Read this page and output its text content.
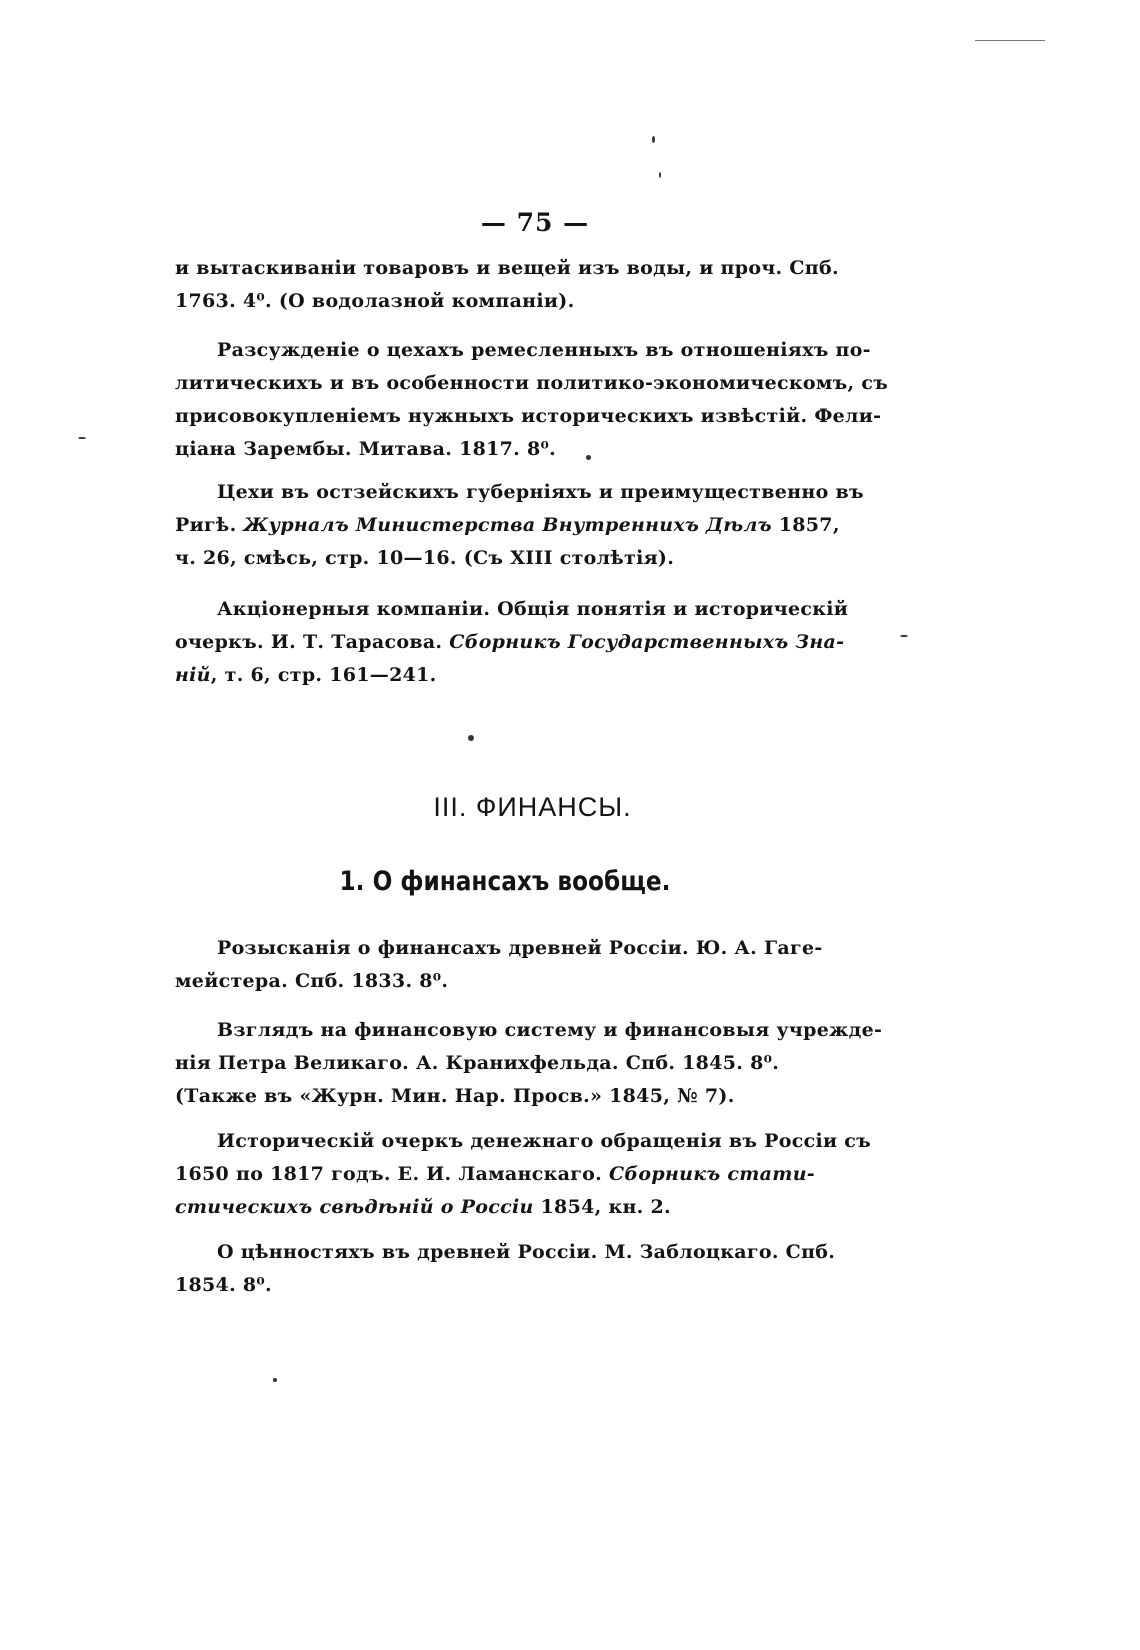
— 75 —
и вытаскиванiи товаровъ и вещей изъ воды, и проч. Спб.
1763. 4⁰. (О водолазной компанiи).
Разсужденiе о цехахъ ремесленныхъ въ отношенiяхъ по-
литическихъ и въ особенности политико-экономическомъ, съ
присовокупленiемъ нужныхъ историческихъ извѣстiй. Фели-
цiана Зарембы. Митава. 1817. 8⁰.
Цехи въ остзейскихъ губернiяхъ и преимущественно въ
Ригѣ. Журналъ Министерства Внутреннихъ Дѣлъ 1857,
ч. 26, смѣсь, стр. 10—16. (Съ XIII столѣтiя).
Акцiонерныя компанiи. Общiя понятiя и историческiй
очеркъ. И. Т. Тарасова. Сборникъ Государственныхъ Зна-
нiй, т. 6, стр. 161—241.
III. ФИНАНСЫ.
1. О финансахъ вообще.
Розысканiя о финансахъ древней Россiи. Ю. А. Гаге-
мейстера. Спб. 1833. 8⁰.
Взглядъ на финансовую систему и финансовыя учрежде-
нiя Петра Великаго. А. Кранихфельда. Спб. 1845. 8⁰.
(Также въ «Журн. Мин. Нар. Просв.» 1845, № 7).
Историческiй очеркъ денежнаго обращенiя въ Россiи съ
1650 по 1817 годъ. Е. И. Ламанскаго. Сборникъ стати-
стическихъ свѣдѣнiй о Россiи 1854, кн. 2.
О цѣнностяхъ въ древней Россiи. М. Заблоцкаго. Спб.
1854. 8⁰.
